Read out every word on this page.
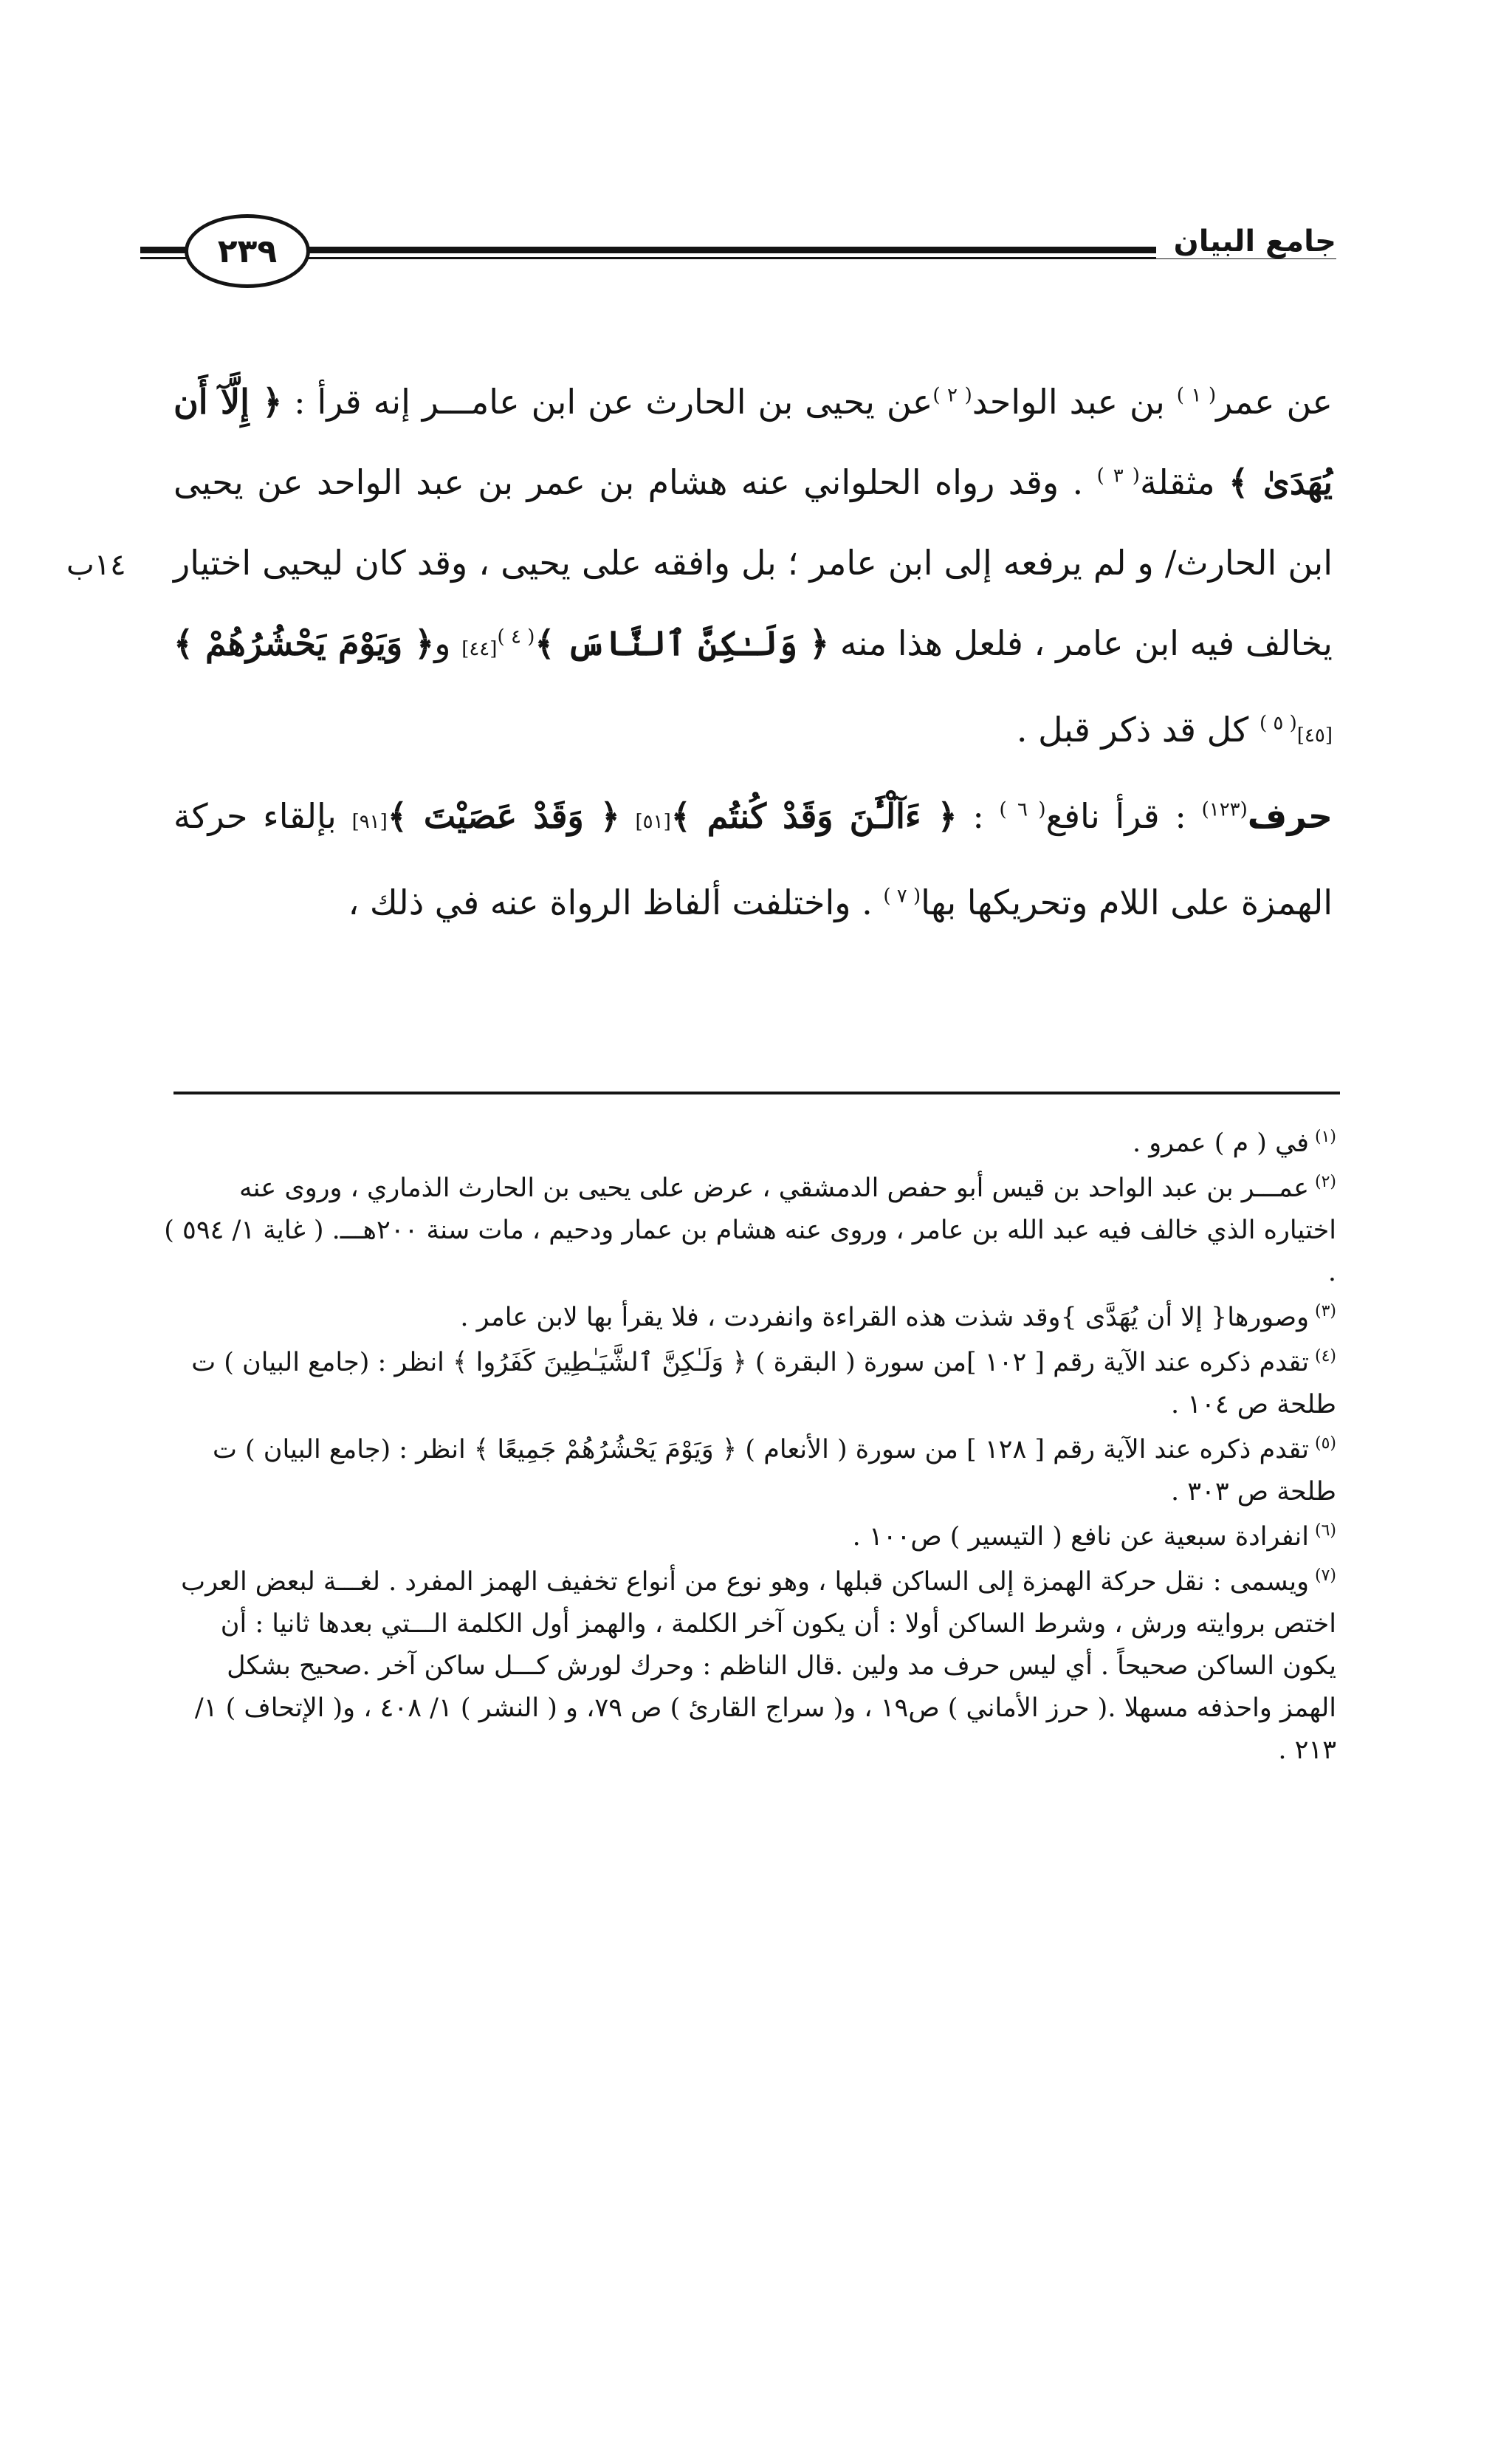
٢٣٩	جامع البيان
١٤ب

عن عمر$^{( ١ )}$ بن عبد الواحد$^{( ٢ )}$عن يحيى بن الحارث عن ابن عامـــر إنه قرأ : ﴿ إِلَّآ أَن يُهَدَىٰ ﴾ مثقلة$^{( ٣ )}$ . وقد رواه الحلواني عنه هشام بن عمر بن عبد الواحد عن يحيى ابن الحارث/ و لم يرفعه إلى ابن عامر ؛ بل وافقه على يحيى ، وقد كان ليحيى اختيار يخالف فيه ابن عامر ، فلعل هذا منه ﴿ وَلَـٰكِنَّ ٱلنَّاسَ ﴾$^{( ٤ )}$[٤٤] و﴿ وَيَوْمَ يَحْشُرُهُمْ ﴾[٤٥]$^{( ٥ )}$ كل قد ذكر قبل .

حرف$^{(١٢٣)}$ : قرأ نافع$^{( ٦ )}$ : ﴿ ءَآلْـَٰٔنَ وَقَدْ كُنتُم ﴾[٥١] ﴿ وَقَدْ عَصَيْتَ ﴾[٩١] بإلقاء حركة الهمزة على اللام وتحريكها بها$^{( ٧ )}$ . واختلفت ألفاظ الرواة عنه في ذلك ،

$^{(١)}$في ( م ) عمرو .

$^{(٢)}$عمـــر بن عبد الواحد بن قيس أبو حفص الدمشقي ، عرض على يحيى بن الحارث الذماري ، وروى عنه اختياره الذي خالف فيه عبد الله بن عامر ، وروى عنه هشام بن عمار ودحيم ، مات سنة ٢٠٠هـــ. ( غاية ١/ ٥٩٤ ) .

$^{(٣)}$وصورها{ إلا أن يُهَدَّى }وقد شذت هذه القراءة وانفردت ، فلا يقرأ بها لابن عامر .

$^{(٤)}$تقدم ذكره عند الآية رقم [ ١٠٢ ]من سورة ( البقرة ) ﴿ وَلَـٰكِنَّ ٱلشَّيَـٰطِينَ كَفَرُوا ﴾ انظر : (جامع البيان ) ت طلحة ص ١٠٤ .

$^{(٥)}$تقدم ذكره عند الآية رقم [ ١٢٨ ] من سورة ( الأنعام ) ﴿ وَيَوْمَ يَحْشُرُهُمْ جَمِيعًا ﴾ انظر : (جامع البيان ) ت طلحة ص ٣٠٣ .

$^{(٦)}$انفرادة سبعية عن نافع ( التيسير ) ص١٠٠ .

$^{(٧)}$ويسمى : نقل حركة الهمزة إلى الساكن قبلها ، وهو نوع من أنواع تخفيف الهمز المفرد . لغـــة لبعض العرب اختص بروايته ورش ، وشرط الساكن أولا : أن يكون آخر الكلمة ، والهمز أول الكلمة الـــتي بعدها ثانيا : أن يكون الساكن صحيحاً . أي ليس حرف مد ولين .قال الناظم : وحرك لورش كـــل ساكن آخر .صحيح بشكل الهمز واحذفه مسهلا .( حرز الأماني ) ص١٩ ، و( سراج القارئ ) ص ٧٩، و ( النشر ) ١/ ٤٠٨ ، و( الإتحاف ) ١/ ٢١٣ .
